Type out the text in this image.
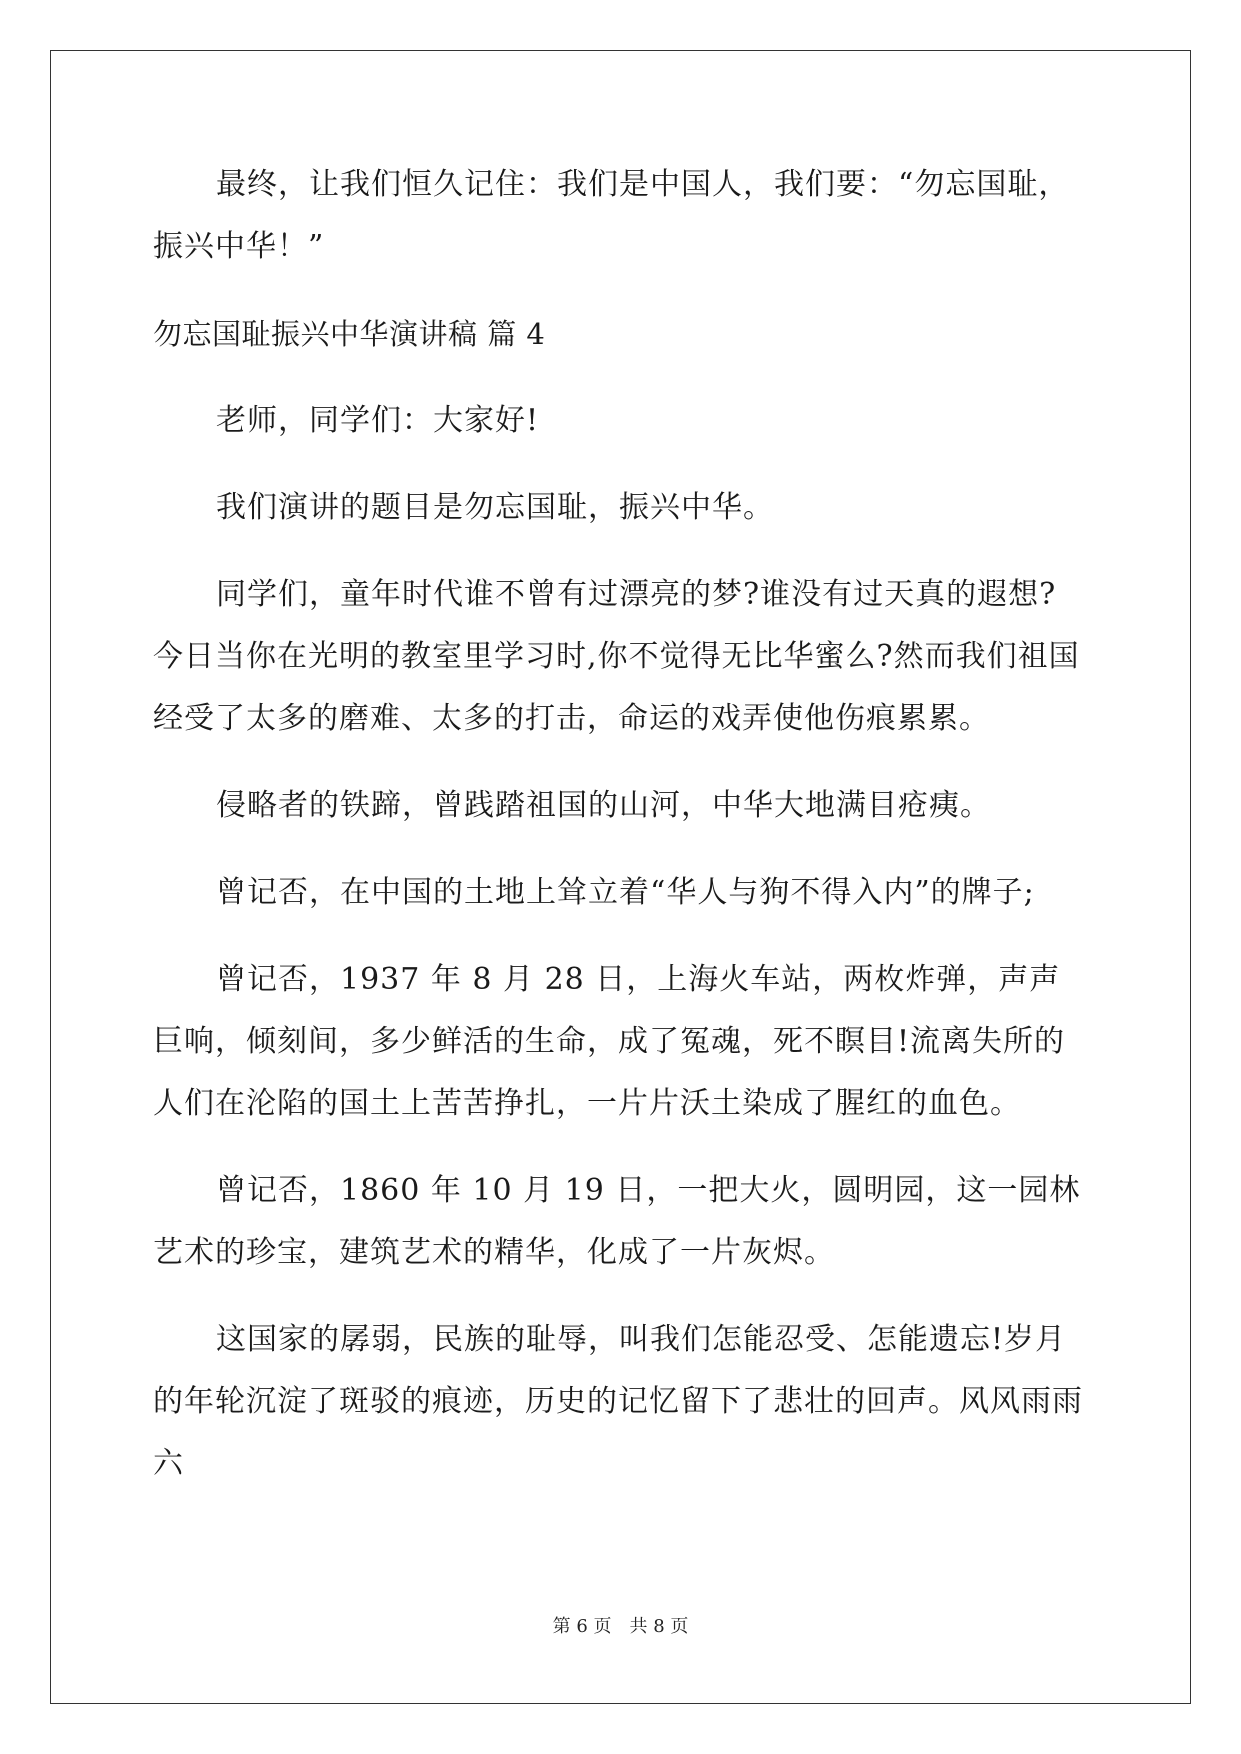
最终，让我们恒久记住：我们是中国人，我们要：“勿忘国耻，振兴中华！”

勿忘国耻振兴中华演讲稿 篇 4

老师，同学们：大家好!

我们演讲的题目是勿忘国耻，振兴中华。

同学们，童年时代谁不曾有过漂亮的梦?谁没有过天真的遐想?今日当你在光明的教室里学习时,你不觉得无比华蜜么?然而我们祖国经受了太多的磨难、太多的打击，命运的戏弄使他伤痕累累。

侵略者的铁蹄，曾践踏祖国的山河，中华大地满目疮痍。

曾记否，在中国的土地上耸立着“华人与狗不得入内”的牌子;

曾记否，1937 年 8 月 28 日，上海火车站，两枚炸弹，声声巨响，倾刻间，多少鲜活的生命，成了冤魂，死不瞑目!流离失所的人们在沦陷的国土上苦苦挣扎，一片片沃土染成了腥红的血色。

曾记否，1860 年 10 月 19 日，一把大火，圆明园，这一园林艺术的珍宝，建筑艺术的精华，化成了一片灰烬。

这国家的孱弱，民族的耻辱，叫我们怎能忍受、怎能遗忘!岁月的年轮沉淀了斑驳的痕迹，历史的记忆留下了悲壮的回声。风风雨雨六

第 6 页　共 8 页
